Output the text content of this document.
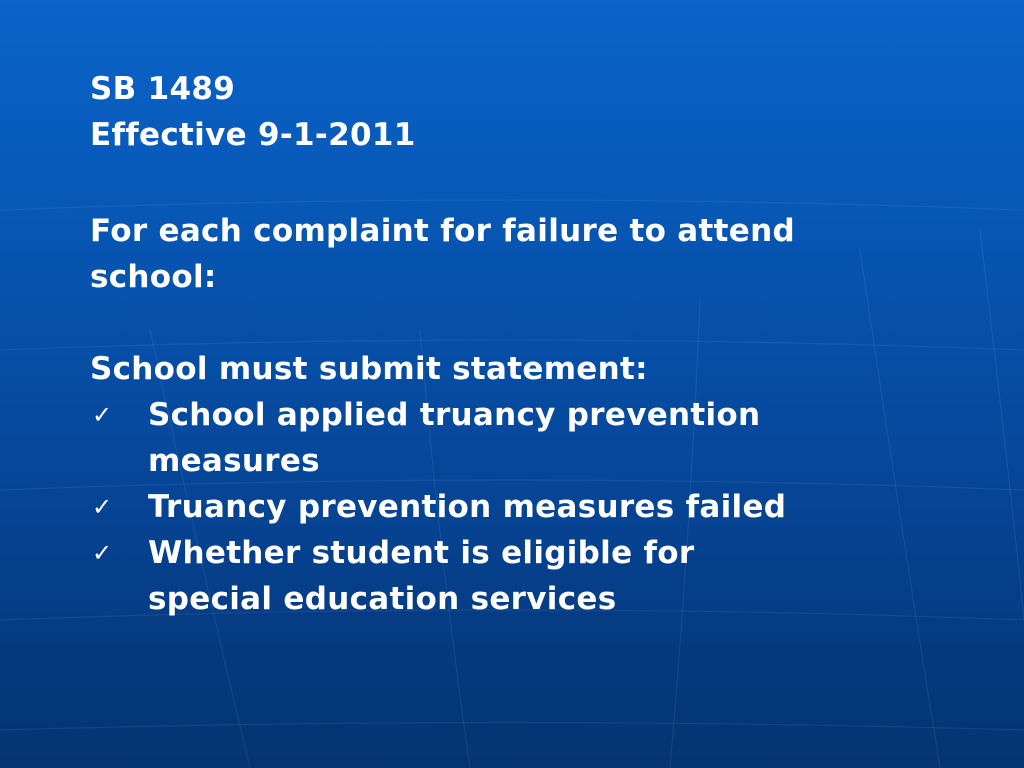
SB 1489
Effective 9-1-2011
For each complaint for failure to attend
school:
School must submit statement:
✓ School applied truancy prevention
measures
✓ Truancy prevention measures failed
✓ Whether student is eligible for
special education services
